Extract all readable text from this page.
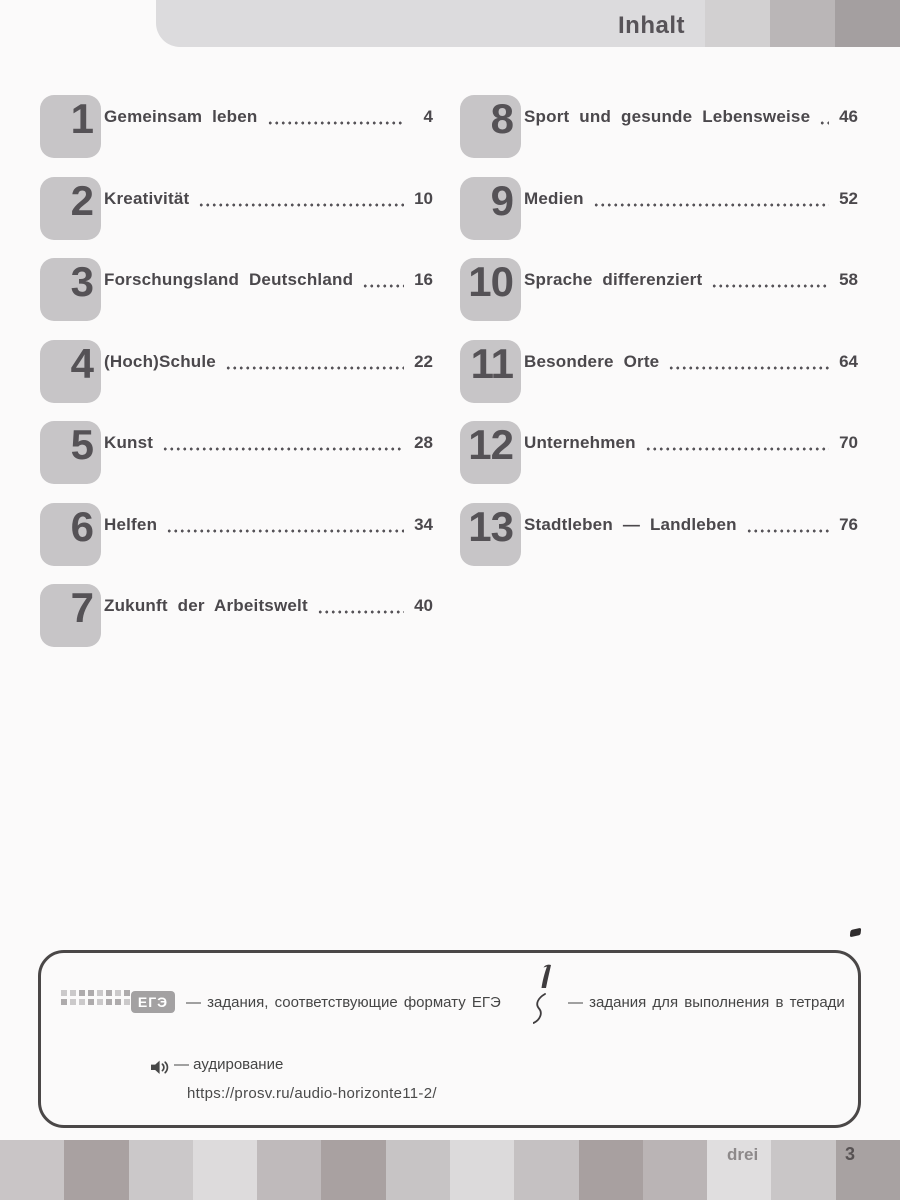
Inhalt
1 Gemeinsam leben	4
2 Kreativität	10
3 Forschungsland Deutschland	16
4 (Hoch)Schule	22
5 Kunst	28
6 Helfen	34
7 Zukunft der Arbeitswelt	40
8 Sport und gesunde Lebensweise 46
9 Medien	52
10 Sprache differenziert	58
11 Besondere Orte	64
12 Unternehmen	70
13 Stadtleben — Landleben	76
ЕГЭ	— задания, соответствующие формату ЕГЭ	— задания для выполнения в тетради
— аудирование
https://prosv.ru/audio-horizonte11-2/
drei	3
